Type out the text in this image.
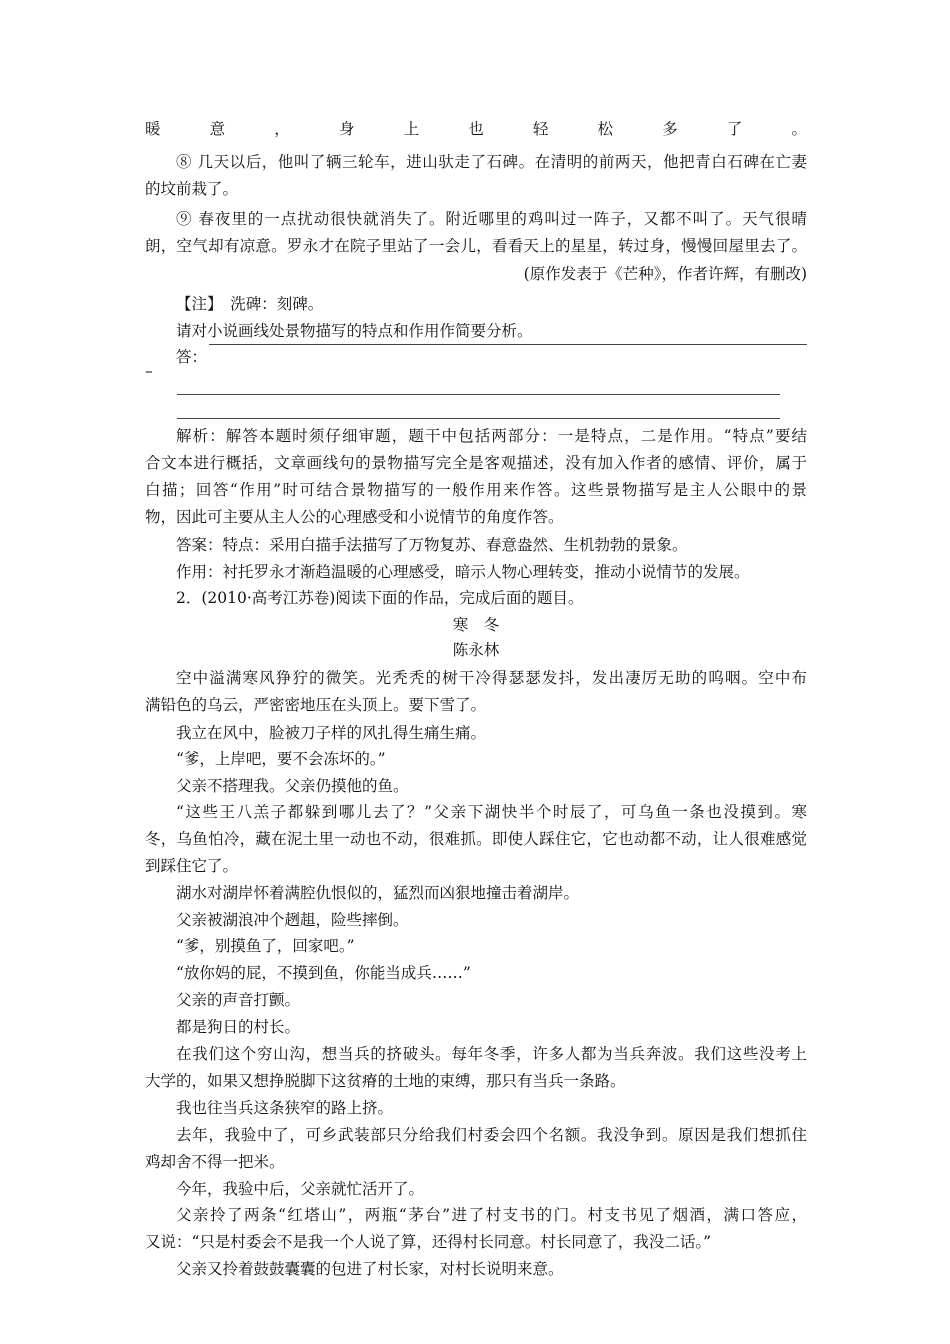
暖意，身上也轻松多了。
⑧ 几天以后，他叫了辆三轮车，进山驮走了石碑。在清明的前两天，他把青白石碑在亡妻
的坟前栽了。
⑨ 春夜里的一点扰动很快就消失了。附近哪里的鸡叫过一阵子，又都不叫了。天气很晴
朗，空气却有凉意。罗永才在院子里站了一会儿，看看天上的星星，转过身，慢慢回屋里去了。
(原作发表于《芒种》，作者许辉，有删改)
【注】　洗碑：刻碑。
请对小说画线处景物描写的特点和作用作简要分析。
答：
–
解析：解答本题时须仔细审题，题干中包括两部分：一是特点，二是作用。“特点”要结
合文本进行概括，文章画线句的景物描写完全是客观描述，没有加入作者的感情、评价，属于
白描；回答“作用”时可结合景物描写的一般作用来作答。这些景物描写是主人公眼中的景
物，因此可主要从主人公的心理感受和小说情节的角度作答。
答案：特点：采用白描手法描写了万物复苏、春意盎然、生机勃勃的景象。
作用：衬托罗永才渐趋温暖的心理感受，暗示人物心理转变，推动小说情节的发展。
2．(2010·高考江苏卷)阅读下面的作品，完成后面的题目。
寒　冬
陈永林
空中溢满寒风狰狞的微笑。光秃秃的树干冷得瑟瑟发抖，发出凄厉无助的呜咽。空中布
满铅色的乌云，严密密地压在头顶上。要下雪了。
我立在风中，脸被刀子样的风扎得生痛生痛。
“爹，上岸吧，要不会冻坏的。”
父亲不搭理我。父亲仍摸他的鱼。
“这些王八羔子都躲到哪儿去了？”父亲下湖快半个时辰了，可乌鱼一条也没摸到。寒
冬，乌鱼怕冷，藏在泥土里一动也不动，很难抓。即使人踩住它，它也动都不动，让人很难感觉
到踩住它了。
湖水对湖岸怀着满腔仇恨似的，猛烈而凶狠地撞击着湖岸。
父亲被湖浪冲个趔趄，险些摔倒。
“爹，别摸鱼了，回家吧。”
“放你妈的屁，不摸到鱼，你能当成兵……”
父亲的声音打颤。
都是狗日的村长。
在我们这个穷山沟，想当兵的挤破头。每年冬季，许多人都为当兵奔波。我们这些没考上
大学的，如果又想挣脱脚下这贫瘠的土地的束缚，那只有当兵一条路。
我也往当兵这条狭窄的路上挤。
去年，我验中了，可乡武装部只分给我们村委会四个名额。我没争到。原因是我们想抓住
鸡却舍不得一把米。
今年，我验中后，父亲就忙活开了。
父亲拎了两条“红塔山”，两瓶“茅台”进了村支书的门。村支书见了烟酒，满口答应，
又说：“只是村委会不是我一个人说了算，还得村长同意。村长同意了，我没二话。”
父亲又拎着鼓鼓囊囊的包进了村长家，对村长说明来意。
